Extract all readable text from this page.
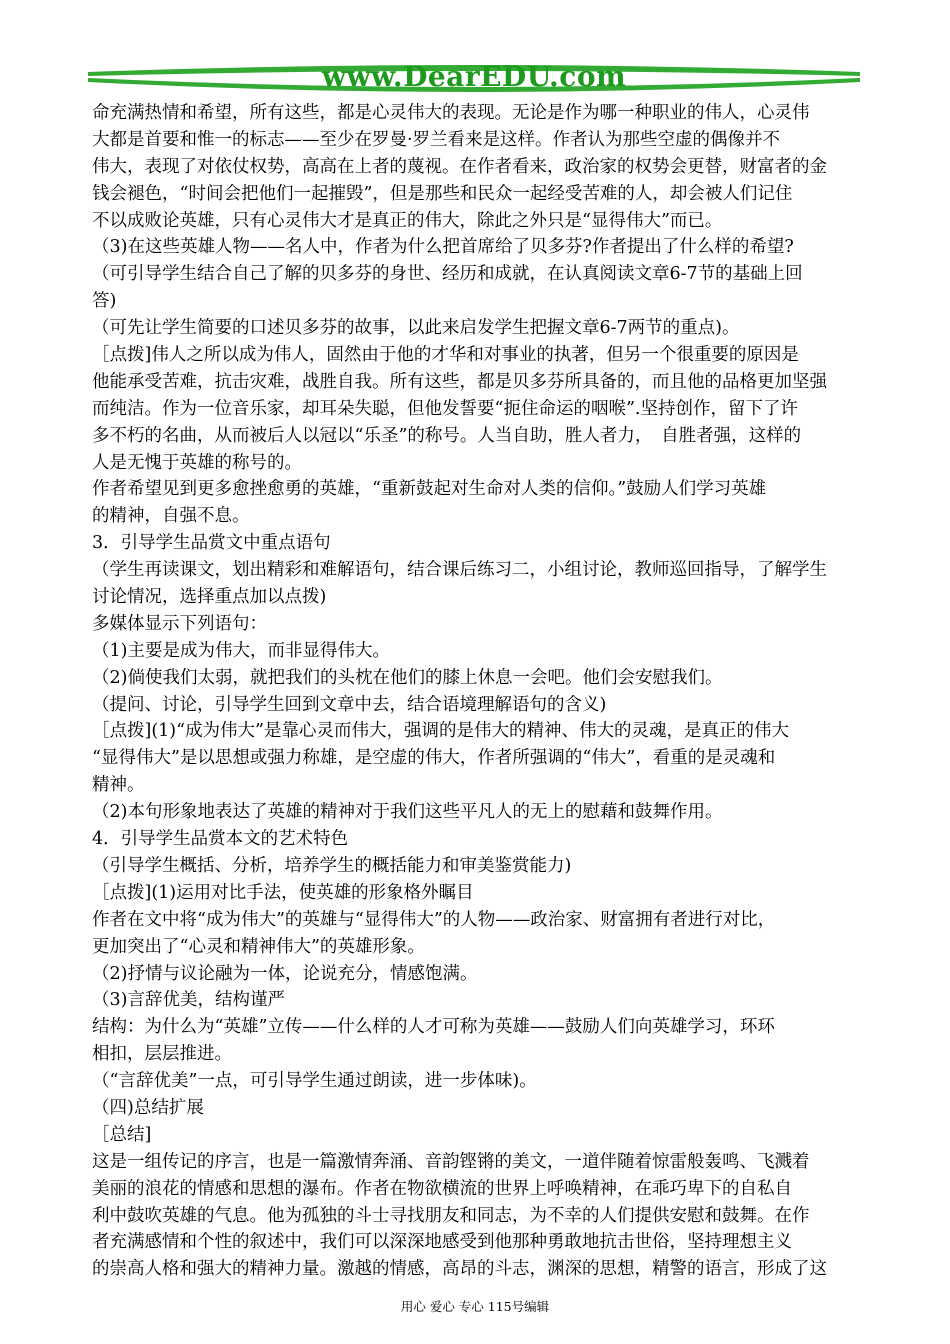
www.DearEDU.com
命充满热情和希望，所有这些，都是心灵伟大的表现。无论是作为哪一种职业的伟人，心灵伟
大都是首要和惟一的标志——至少在罗曼·罗兰看来是这样。作者认为那些空虚的偶像并不
伟大，表现了对依仗权势，高高在上者的蔑视。在作者看来，政治家的权势会更替，财富者的金
钱会褪色，“时间会把他们一起摧毁”，但是那些和民众一起经受苦难的人，却会被人们记住
不以成败论英雄，只有心灵伟大才是真正的伟大，除此之外只是“显得伟大”而已。
（3)在这些英雄人物——名人中，作者为什么把首席给了贝多芬?作者提出了什么样的希望?
（可引导学生结合自己了解的贝多芬的身世、经历和成就，在认真阅读文章6-7节的基础上回
答)
（可先让学生简要的口述贝多芬的故事，以此来启发学生把握文章6-7两节的重点)。
［点拨]伟人之所以成为伟人，固然由于他的才华和对事业的执著，但另一个很重要的原因是
他能承受苦难，抗击灾难，战胜自我。所有这些，都是贝多芬所具备的，而且他的品格更加坚强
而纯洁。作为一位音乐家，却耳朵失聪，但他发誓要“扼住命运的咽喉”.坚持创作，留下了许
多不朽的名曲，从而被后人以冠以“乐圣”的称号。人当自助，胜人者力，　自胜者强，这样的
人是无愧于英雄的称号的。
作者希望见到更多愈挫愈勇的英雄，“重新鼓起对生命对人类的信仰。”鼓励人们学习英雄
的精神，自强不息。
3．引导学生品赏文中重点语句
（学生再读课文，划出精彩和难解语句，结合课后练习二，小组讨论，教师巡回指导，了解学生
讨论情况，选择重点加以点拨)
多媒体显示下列语句：
（1)主要是成为伟大，而非显得伟大。
（2)倘使我们太弱，就把我们的头枕在他们的膝上休息一会吧。他们会安慰我们。
（提问、讨论，引导学生回到文章中去，结合语境理解语句的含义)
［点拨](1)“成为伟大”是靠心灵而伟大，强调的是伟大的精神、伟大的灵魂，是真正的伟大
“显得伟大”是以思想或强力称雄，是空虚的伟大，作者所强调的“伟大”，看重的是灵魂和
精神。
（2)本句形象地表达了英雄的精神对于我们这些平凡人的无上的慰藉和鼓舞作用。
4．引导学生品赏本文的艺术特色
（引导学生概括、分析，培养学生的概括能力和审美鉴赏能力)
［点拨](1)运用对比手法，使英雄的形象格外瞩目
作者在文中将“成为伟大”的英雄与“显得伟大”的人物——政治家、财富拥有者进行对比，
更加突出了“心灵和精神伟大”的英雄形象。
（2)抒情与议论融为一体，论说充分，情感饱满。
（3)言辞优美，结构谨严
结构：为什么为“英雄”立传——什么样的人才可称为英雄——鼓励人们向英雄学习，环环
相扣，层层推进。
（“言辞优美”一点，可引导学生通过朗读，进一步体味)。
（四)总结扩展
［总结]
这是一组传记的序言，也是一篇激情奔涌、音韵铿锵的美文，一道伴随着惊雷般轰鸣、飞溅着
美丽的浪花的情感和思想的瀑布。作者在物欲横流的世界上呼唤精神，在乖巧卑下的自私自
利中鼓吹英雄的气息。他为孤独的斗士寻找朋友和同志，为不幸的人们提供安慰和鼓舞。在作
者充满感情和个性的叙述中，我们可以深深地感受到他那种勇敢地抗击世俗，坚持理想主义
的崇高人格和强大的精神力量。激越的情感，高昂的斗志，渊深的思想，精警的语言，形成了这
用心 爱心 专心 115号编辑
